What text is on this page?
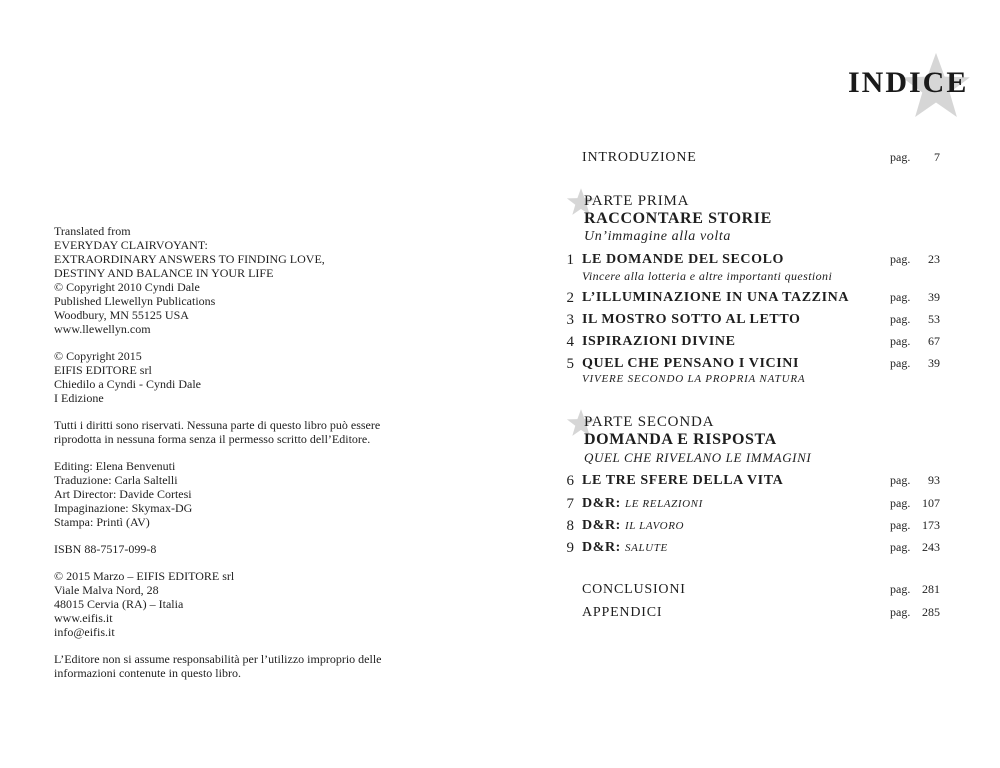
Translated from
EVERYDAY CLAIRVOYANT:
EXTRAORDINARY ANSWERS TO FINDING LOVE,
DESTINY AND BALANCE IN YOUR LIFE
© Copyright 2010 Cyndi Dale
Published Llewellyn Publications
Woodbury, MN 55125 USA
www.llewellyn.com
© Copyright 2015
EIFIS EDITORE srl
Chiedilo a Cyndi - Cyndi Dale
I Edizione
Tutti i diritti sono riservati. Nessuna parte di questo libro può essere riprodotta in nessuna forma senza il permesso scritto dell’Editore.
Editing: Elena Benvenuti
Traduzione: Carla Saltelli
Art Director: Davide Cortesi
Impaginazione: Skymax-DG
Stampa: Printì (AV)
ISBN 88-7517-099-8
© 2015 Marzo – EIFIS EDITORE srl
Viale Malva Nord, 28
48015 Cervia (RA) – Italia
www.eifis.it
info@eifis.it
L’Editore non si assume responsabilità per l’utilizzo improprio delle
informazioni contenute in questo libro.
INDICE
INTRODUZIONE	pag.	7
PARTE PRIMA
RACCONTARE STORIE
Un’immagine alla volta
1 LE DOMANDE DEL SECOLO	pag.	23
Vincere alla lotteria e altre importanti questioni
2 L’ILLUMINAZIONE IN UNA TAZZINA	pag.	39
3 IL MOSTRO SOTTO AL LETTO	pag.	53
4 ISPIRAZIONI DIVINE	pag.	67
5 QUEL CHE PENSANO I VICINI	pag.	39
VIVERE SECONDO LA PROPRIA NATURA
PARTE SECONDA
DOMANDA E RISPOSTA
QUEL CHE RIVELANO LE IMMAGINI
6 LE TRE SFERE DELLA VITA	pag.	93
7 D&R: LE RELAZIONI	pag. 107
8 D&R: IL LAVORO	pag. 173
9 D&R: SALUTE	pag. 243
CONCLUSIONI	pag. 281
APPENDICI	pag. 285
